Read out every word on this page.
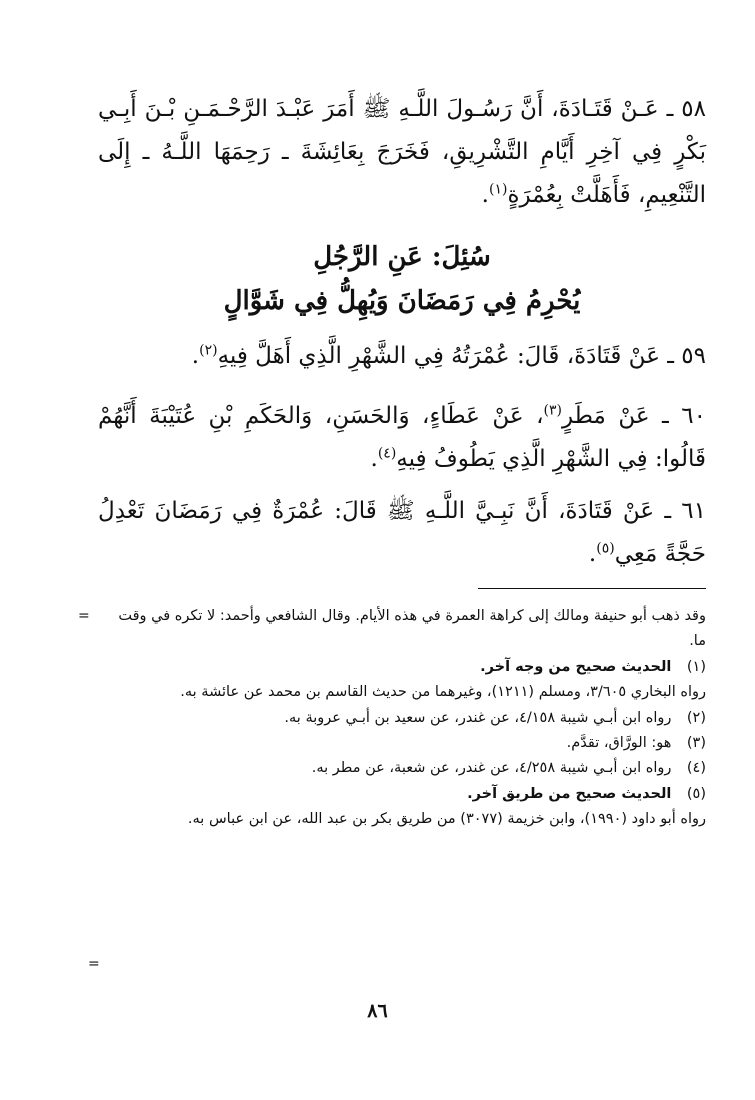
٥٨ ـ عَـنْ قَتَـادَةَ، أَنَّ رَسُـولَ اللَّـهِ ﷺ أَمَرَ عَبْـدَ الرَّحْـمَـنِ بْـنَ أَبِـي بَكْرٍ فِي آخِرِ أَيَّامِ التَّشْرِيقِ، فَخَرَجَ بِعَائِشَةَ ـ رَحِمَهَا اللَّـهُ ـ إِلَى التَّنْعِيمِ، فَأَهَلَّتْ بِعُمْرَةٍ$^{(١)}$.
سُئِلَ: عَنِ الرَّجُلِ
يُحْرِمُ فِي رَمَضَانَ وَيُهِلُّ فِي شَوَّالٍ
٥٩ ـ عَنْ قَتَادَةَ، قَالَ: عُمْرَتُهُ فِي الشَّهْرِ الَّذِي أَهَلَّ فِيهِ$^{(٢)}$.
٦٠ ـ عَنْ مَطَرٍ$^{(٣)}$، عَنْ عَطَاءٍ، وَالحَسَنِ، وَالحَكَمِ بْنِ عُتَيْبَةَ أَنَّهُمْ قَالُوا: فِي الشَّهْرِ الَّذِي يَطُوفُ فِيهِ$^{(٤)}$.
٦١ ـ عَنْ قَتَادَةَ، أَنَّ نَبِـيَّ اللَّـهِ ﷺ قَالَ: عُمْرَةٌ فِي رَمَضَانَ تَعْدِلُ حَجَّةً مَعِي$^{(٥)}$.
=	وقد ذهب أبو حنيفة ومالك إلى كراهة العمرة في هذه الأيام. وقال الشافعي وأحمد: لا تكره في وقت ما.
(١) الحديث صحيح من وجه آخر.
رواه البخاري ٣/٦٠٥، ومسلم (١٢١١)، وغيرهما من حديث القاسم بن محمد عن عائشة به.
(٢) رواه ابن أبـي شيبة ٤/١٥٨، عن غندر، عن سعيد بن أبـي عروبة به.
(٣) هو: الورَّاق، تقدَّم.
(٤) رواه ابن أبـي شيبة ٤/٢٥٨، عن غندر، عن شعبة، عن مطر به.
(٥) الحديث صحيح من طريق آخر.
رواه أبو داود (١٩٩٠)، وابن خزيمة (٣٠٧٧) من طريق بكر بن عبد الله، عن ابن عباس به.
=
٨٦
